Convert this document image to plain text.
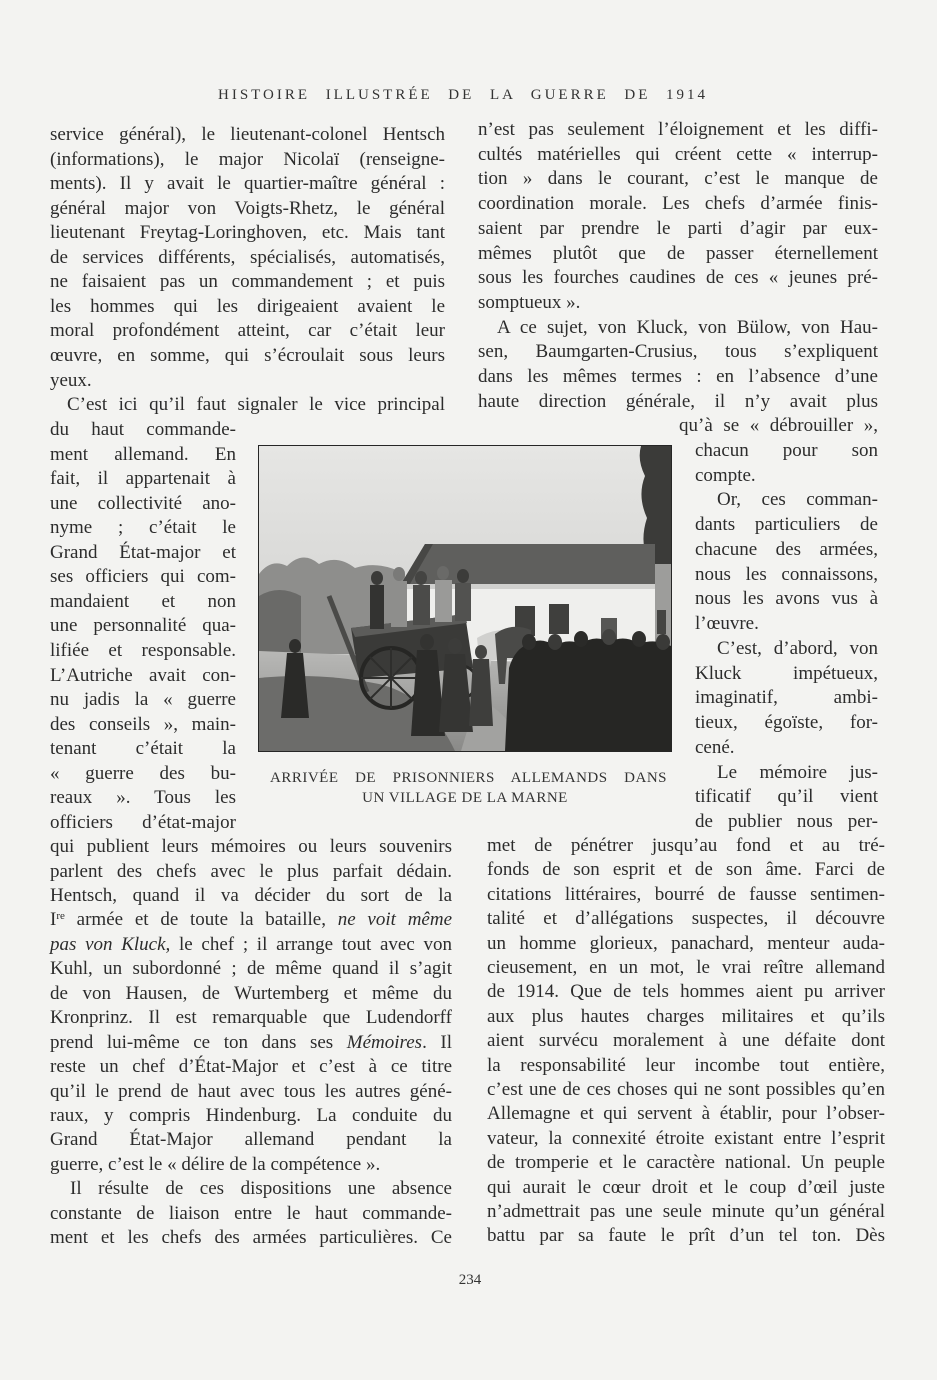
HISTOIRE ILLUSTRÉE DE LA GUERRE DE 1914
service général), le lieutenant-colonel Hentsch
(informations), le major Nicolaï (renseigne-
ments). Il y avait le quartier-maître général :
général major von Voigts-Rhetz, le général
lieutenant Freytag-Loringhoven, etc. Mais tant
de services différents, spécialisés, automatisés,
ne faisaient pas un commandement ; et puis
les hommes qui les dirigeaient avaient le
moral profondément atteint, car c’était leur
œuvre, en somme, qui s’écroulait sous leurs
yeux.
C’est ici qu’il faut signaler le vice principal
du haut commande-
ment allemand. En
fait, il appartenait à
une collectivité ano-
nyme ; c’était le
Grand État-major et
ses officiers qui com-
mandaient et non
une personnalité qua-
lifiée et responsable.
L’Autriche avait con-
nu jadis la « guerre
des conseils », main-
tenant c’était la
« guerre des bu-
reaux ». Tous les
officiers d’état-major
qui publient leurs mémoires ou leurs souvenirs
parlent des chefs avec le plus parfait dédain.
Hentsch, quand il va décider du sort de la
Ire armée et de toute la bataille, ne voit même
pas von Kluck, le chef ; il arrange tout avec von
Kuhl, un subordonné ; de même quand il s’agit
de von Hausen, de Wurtemberg et même du
Kronprinz. Il est remarquable que Ludendorff
prend lui-même ce ton dans ses Mémoires. Il
reste un chef d’État-Major et c’est à ce titre
qu’il le prend de haut avec tous les autres géné-
raux, y compris Hindenburg. La conduite du
Grand État-Major allemand pendant la
guerre, c’est le « délire de la compétence ».
Il résulte de ces dispositions une absence
constante de liaison entre le haut commande-
ment et les chefs des armées particulières. Ce
n’est pas seulement l’éloignement et les diffi-
cultés matérielles qui créent cette « interrup-
tion » dans le courant, c’est le manque de
coordination morale. Les chefs d’armée finis-
saient par prendre le parti d’agir par eux-
mêmes plutôt que de passer éternellement
sous les fourches caudines de ces « jeunes pré-
somptueux ».
A ce sujet, von Kluck, von Bülow, von Hau-
sen, Baumgarten-Crusius, tous s’expliquent
dans les mêmes termes : en l’absence d’une
haute direction générale, il n’y avait plus
qu’à se « débrouiller »,
chacun pour son
compte.
Or, ces comman-
dants particuliers de
chacune des armées,
nous les connaissons,
nous les avons vus à
l’œuvre.
C’est, d’abord, von
Kluck impétueux,
imaginatif, ambi-
tieux, égoïste, for-
cené.
Le mémoire jus-
tificatif qu’il vient
de publier nous per-
met de pénétrer jusqu’au fond et au tré-
fonds de son esprit et de son âme. Farci de
citations littéraires, bourré de fausse sentimen-
talité et d’allégations suspectes, il découvre
un homme glorieux, panachard, menteur auda-
cieusement, en un mot, le vrai reître allemand
de 1914. Que de tels hommes aient pu arriver
aux plus hautes charges militaires et qu’ils
aient survécu moralement à une défaite dont
la responsabilité leur incombe tout entière,
c’est une de ces choses qui ne sont possibles qu’en
Allemagne et qui servent à établir, pour l’obser-
vateur, la connexité étroite existant entre l’esprit
de tromperie et le caractère national. Un peuple
qui aurait le cœur droit et le coup d’œil juste
n’admettrait pas une seule minute qu’un général
battu par sa faute le prît d’un tel ton. Dès
ARRIVÉE DE PRISONNIERS ALLEMANDS DANS
UN VILLAGE DE LA MARNE
234
